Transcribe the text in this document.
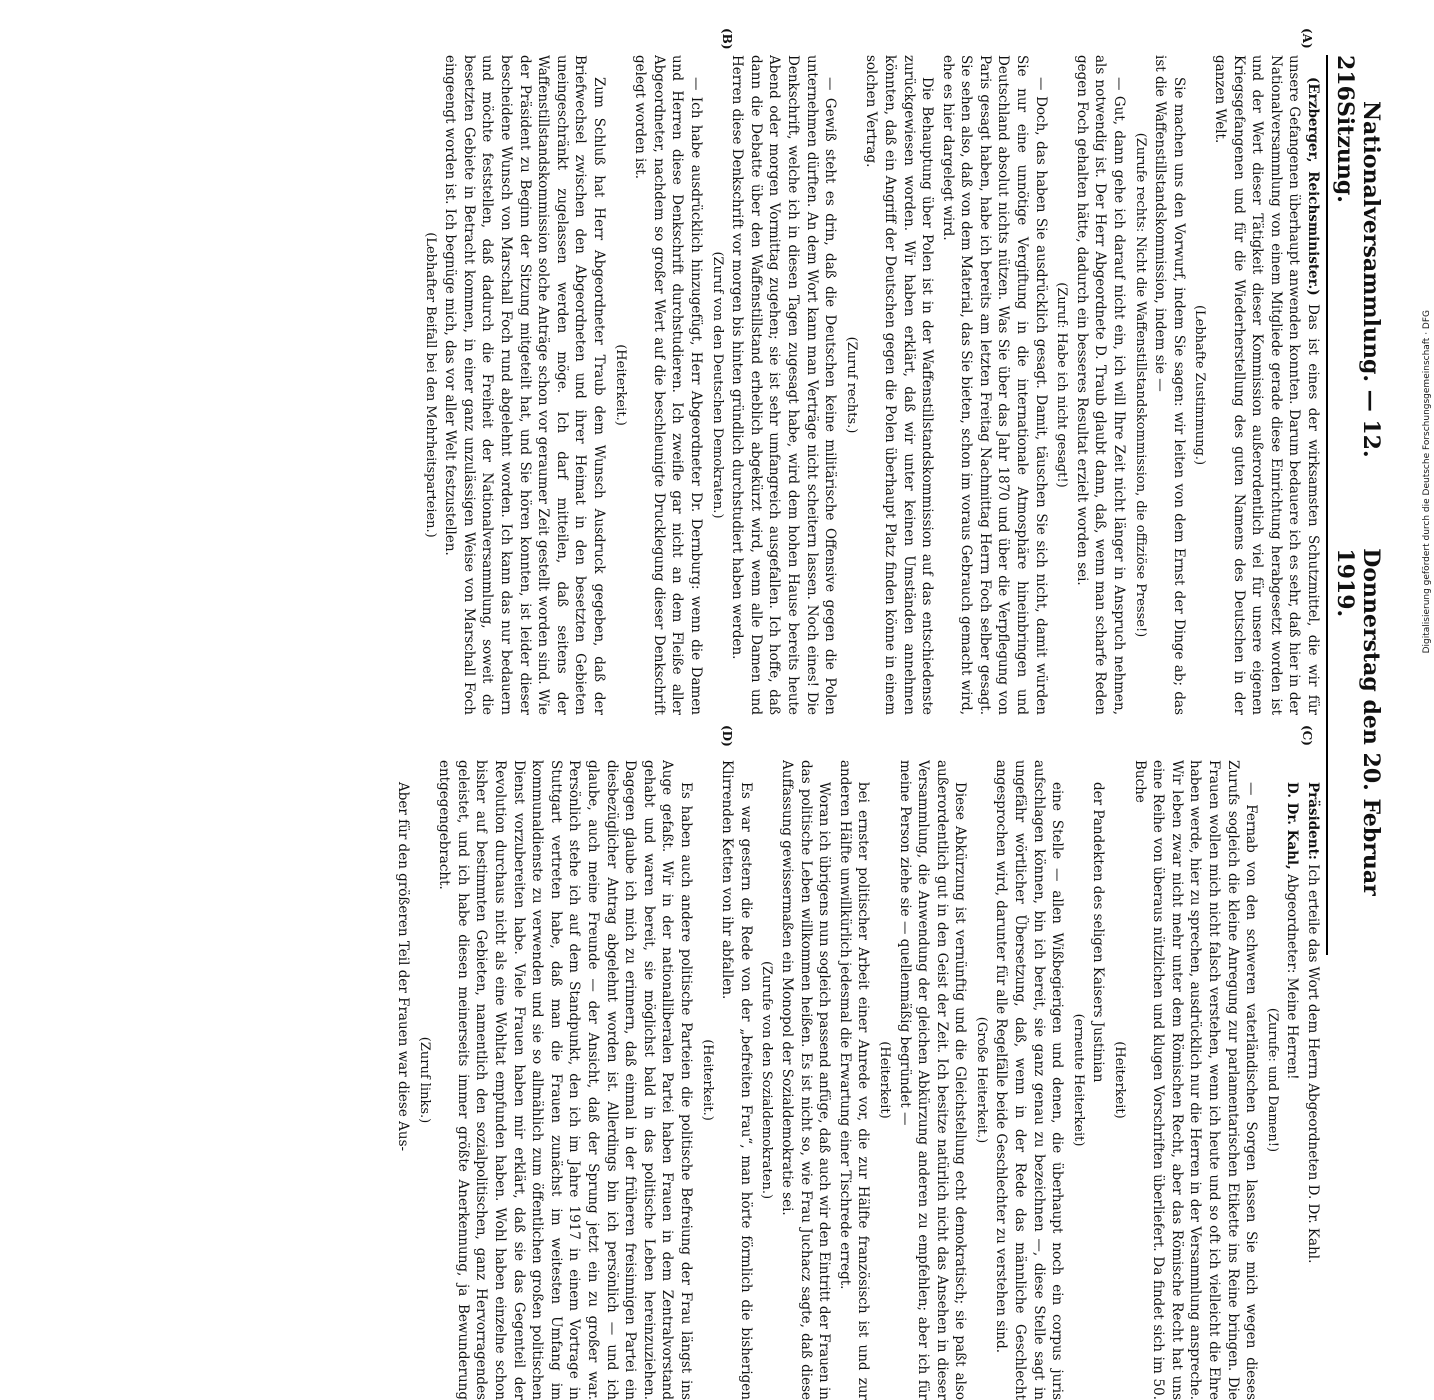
216
Nationalversammlung. — 12. Sitzung.
Donnerstag den 20. Februar 1919.

(Erzberger, Reichsminister.) Das ist eines der wirksamsten Schutzmittel, die wir für unsere Gefangenen überhaupt anwenden konnten. Darum bedauere ich es sehr, daß hier in der Nationalversammlung von einem Mitgliede gerade diese Einrichtung herabgesetzt worden ist und der Wert dieser Tätigkeit dieser Kommission außerordentlich viel für unsere eigenen Kriegsgefangenen und für die Wiederherstellung des guten Namens des Deutschen in der ganzen Welt.

(Lebhafte Zustimmung.)

Sie machen uns den Vorwurf, indem Sie sagen: wir leiten von dem Ernst der Dinge ab; das ist die Waffenstillstandskommission, indem sie —

(Zurufe rechts: Nicht die Waffenstillstandskommission, die offiziöse Presse!)

— Gut, dann gehe ich darauf nicht ein, ich will Ihre Zeit nicht länger in Anspruch nehmen, als notwendig ist. Der Herr Abgeordnete D. Traub glaubt dann, daß, wenn man scharfe Reden gegen Foch gehalten hätte, dadurch ein besseres Resultat erzielt worden sei.

(Zuruf: Habe ich nicht gesagt!)

— Doch, das haben Sie ausdrücklich gesagt. Damit, täuschen Sie sich nicht, damit würden Sie nur eine unnötige Vergiftung in die internationale Atmosphäre hineinbringen und Deutschland absolut nichts nützen. Was Sie über das Jahr 1870 und über die Verpflegung von Paris gesagt haben, habe ich bereits am letzten Freitag Nachmittag Herrn Foch selber gesagt. Sie sehen also, daß von dem Material, das Sie bieten, schon im voraus Gebrauch gemacht wird, ehe es hier dargelegt wird.

Die Behauptung über Polen ist in der Waffenstillstandskommission auf das entschiedenste zurückgewiesen worden. Wir haben erklärt, daß wir unter keinen Umständen annehmen könnten, daß ein Angriff der Deutschen gegen die Polen überhaupt Platz finden könne in einem solchen Vertrag.

(Zuruf rechts.)

— Gewiß steht es drin, daß die Deutschen keine militärische Offensive gegen die Polen unternehmen dürften. An dem Wort kann man Verträge nicht scheitern lassen. Noch eines! Die Denkschrift, welche ich in diesen Tagen zugesagt habe, wird dem hohen Hause bereits heute Abend oder morgen Vormittag zugehen; sie ist sehr umfangreich ausgefallen. Ich hoffe, daß dann die Debatte über den Waffenstillstand erheblich abgekürzt wird, wenn alle Damen und Herren diese Denkschrift vor morgen bis hinten gründlich durchstudiert haben werden.

(Zuruf von den Deutschen Demokraten.)

— Ich habe ausdrücklich hinzugefügt, Herr Abgeordneter Dr. Dernburg: wenn die Damen und Herren diese Denkschrift durchstudieren. Ich zweifle gar nicht an dem Fleiße aller Abgeordneter, nachdem so großer Wert auf die beschleunigte Drucklegung dieser Denkschrift gelegt worden ist.

(Heiterkeit.)

Zum Schluß hat Herr Abgeordneter Traub dem Wunsch Ausdruck gegeben, daß der Briefwechsel zwischen den Abgeordneten und ihrer Heimat in den besetzten Gebieten uneingeschränkt zugelassen werden möge. Ich darf mitteilen, daß seitens der Waffenstillstandskommission solche Anträge schon vor geraumer Zeit gestellt worden sind. Wie der Präsident zu Beginn der Sitzung mitgeteilt hat, und Sie hören konnten, ist leider dieser bescheidene Wunsch von Marschall Foch rund abgelehnt worden. Ich kann das nur bedauern und möchte feststellen, daß dadurch die Freiheit der Nationalversammlung, soweit die besetzten Gebiete in Betracht kommen, in einer ganz unzulässigen Weise von Marschall Foch eingeengt worden ist. Ich begnüge mich, das vor aller Welt festzustellen.

(Lebhafter Beifall bei den Mehrheitsparteien.)

Präsident: Ich erteile das Wort dem Herrn Abgeordneten D. Dr. Kahl.

D. Dr. Kahl, Abgeordneter: Meine Herren!

(Zurufe: und Damen!)

— Fernab von den schweren vaterländischen Sorgen lassen Sie mich wegen dieses Zurufs sogleich die kleine Anregung zur parlamentarischen Etikette ins Reine bringen. Die Frauen wollen mich nicht falsch verstehen, wenn ich heute und so oft ich vielleicht die Ehre haben werde, hier zu sprechen, ausdrücklich nur die Herren in der Versammlung anspreche. Wir leben zwar nicht mehr unter dem Römischen Recht, aber das Römische Recht hat uns eine Reihe von überaus nützlichen und klugen Vorschriften überliefert. Da findet sich im 50. Buche

(Heiterkeit)

der Pandekten des seligen Kaisers Justinian

(erneute Heiterkeit)

eine Stelle — allen Wißbegierigen und denen, die überhaupt noch ein corpus juris aufschlagen können, bin ich bereit, sie ganz genau zu bezeichnen —, diese Stelle sagt in ungefähr wörtlicher Übersetzung, daß, wenn in der Rede das männliche Geschlecht angesprochen wird, darunter für alle Regelfälle beide Geschlechter zu verstehen sind.

(Große Heiterkeit.)

Diese Abkürzung ist vernünftig und die Gleichstellung echt demokratisch; sie paßt also außerordentlich gut in den Geist der Zeit. Ich besitze natürlich nicht das Ansehen in dieser Versammlung, die Anwendung der gleichen Abkürzung anderen zu empfehlen; aber ich für meine Person ziehe sie — quellenmäßig begründet —

(Heiterkeit)

bei ernster politischer Arbeit einer Anrede vor, die zur Hälfte französisch ist und zur anderen Hälfte unwillkürlich jedesmal die Erwartung einer Tischrede erregt.

Woran ich übrigens nun sogleich passend anfüge, daß auch wir den Eintritt der Frauen in das politische Leben willkommen heißen. Es ist nicht so, wie Frau Juchacz sagte, daß diese Auffassung gewissermaßen ein Monopol der Sozialdemokratie sei.

(Zurufe von den Sozialdemokraten.)

Es war gestern die Rede von der „befreiten Frau“, man hörte förmlich die bisherigen Klirrenden Ketten von ihr abfallen.

(Heiterkeit.)

Es haben auch andere politische Parteien die politische Befreiung der Frau längst ins Auge gefaßt. Wir in der nationalliberalen Partei haben Frauen in dem Zentralvorstand gehabt und waren bereit, sie möglichst bald in das politische Leben hereinzuziehen. Dagegen glaube ich mich zu erinnern, daß einmal in der früheren freisinnigen Partei ein diesbezüglicher Antrag abgelehnt worden ist. Allerdings bin ich persönlich — und ich glaube, auch meine Freunde — der Ansicht, daß der Sprung jetzt ein zu großer war. Persönlich stehe ich auf dem Standpunkt, den ich im Jahre 1917 in einem Vortrage in Stuttgart vertreten habe, daß man die Frauen zunächst im weitesten Umfang im kommunaldienste zu verwenden und sie so allmählich zum öffentlichen großen politischen Dienst vorzubereiten habe. Viele Frauen haben mir erklärt, daß sie das Gegenteil der Revolution durchaus nicht als eine Wohltat empfunden haben. Wohl haben einzelne schon bisher auf bestimmten Gebieten, namentlich den sozialpolitischen, ganz Hervorragendes geleistet, und ich habe diesen meinerseits immer größte Anerkennung, ja Bewunderung entgegengebracht.

(Zuruf links.)

Aber für den größeren Teil der Frauen war diese Aus-

(A)
(B)
(C)
(D)
Digitalisierung gefördert durch die Deutsche Forschungsgemeinschaft · DFG
